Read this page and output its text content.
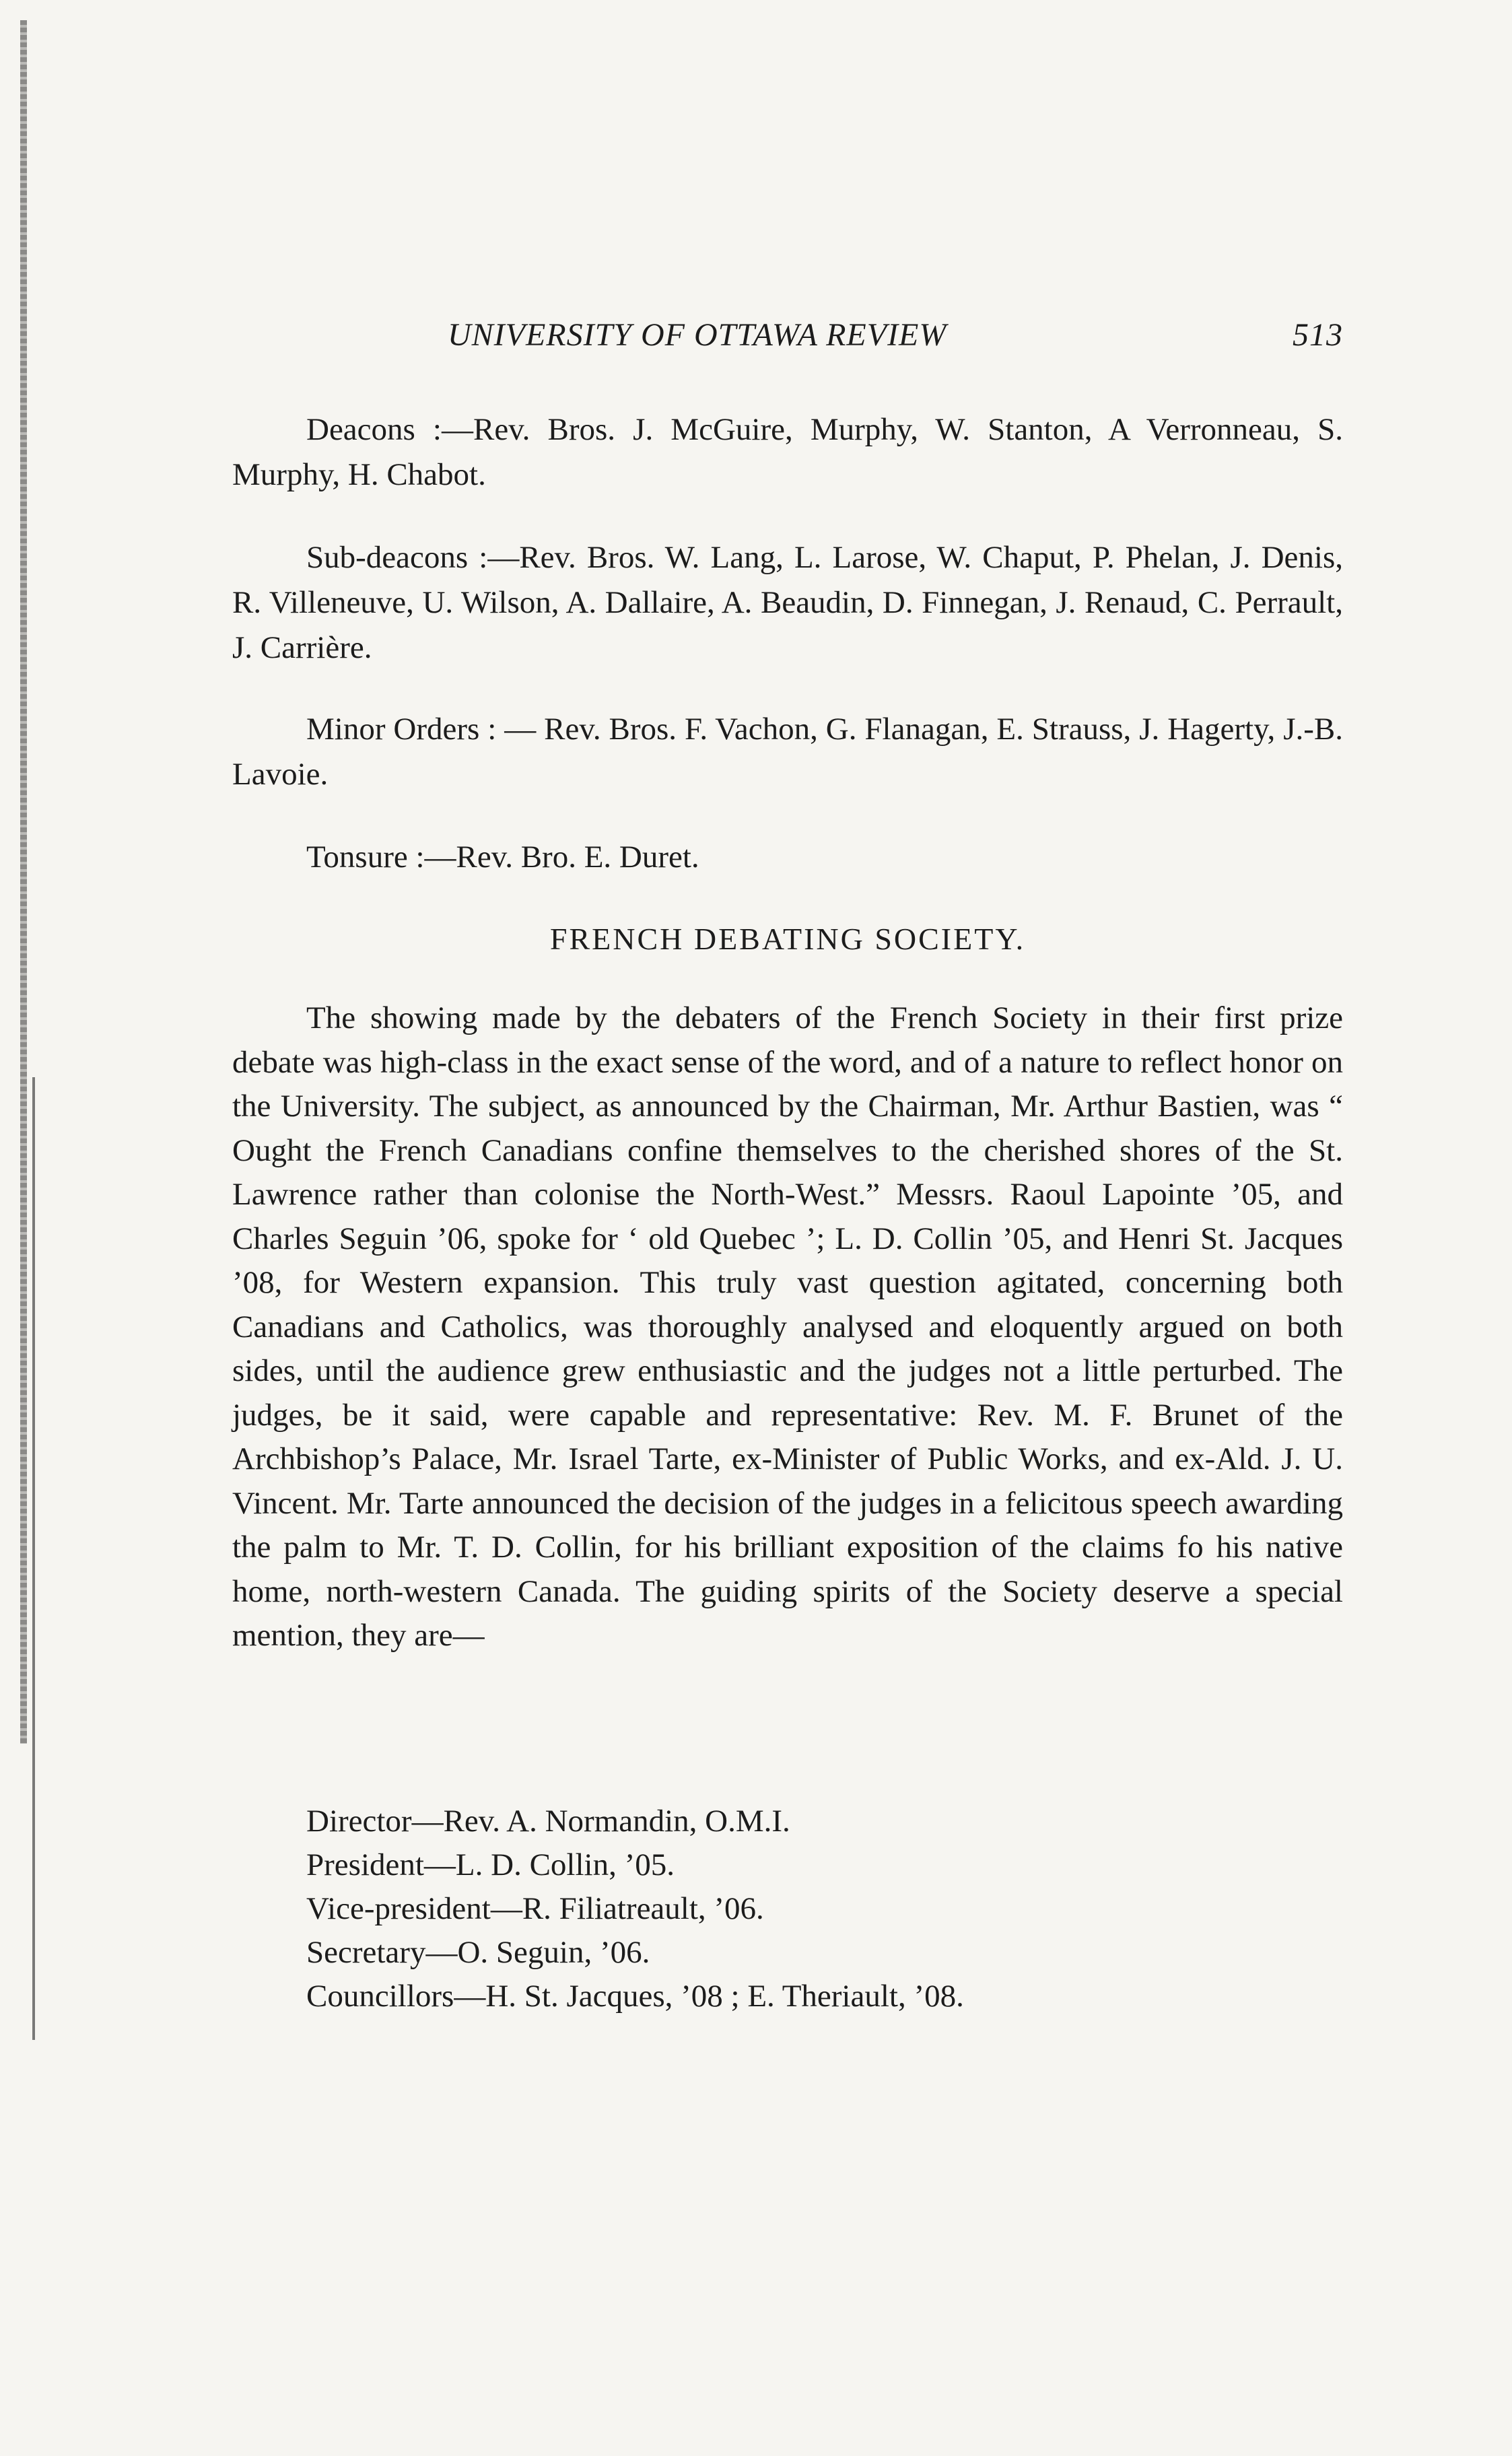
UNIVERSITY OF OTTAWA REVIEW	513

Deacons :—Rev. Bros. J. McGuire, Murphy, W. Stanton, A Verronneau, S. Murphy, H. Chabot.

Sub-deacons :—Rev. Bros. W. Lang, L. Larose, W. Chaput, P. Phelan, J. Denis, R. Villeneuve, U. Wilson, A. Dallaire, A. Beaudin, D. Finnegan, J. Renaud, C. Perrault, J. Carrière.

Minor Orders : — Rev. Bros. F. Vachon, G. Flanagan, E. Strauss, J. Hagerty, J.-B. Lavoie.

Tonsure :—Rev. Bro. E. Duret.

FRENCH DEBATING SOCIETY.

The showing made by the debaters of the French Society in their first prize debate was high-class in the exact sense of the word, and of a nature to reflect honor on the University. The subject, as announced by the Chairman, Mr. Arthur Bastien, was “ Ought the French Canadians confine themselves to the cherished shores of the St. Lawrence rather than colonise the North-West.” Messrs. Raoul Lapointe ’05, and Charles Seguin ’06, spoke for ‘ old Quebec ’; L. D. Collin ’05, and Henri St. Jacques ’08, for Western expansion. This truly vast question agitated, concerning both Canadians and Catholics, was thoroughly analysed and eloquently argued on both sides, until the audience grew enthusiastic and the judges not a little perturbed. The judges, be it said, were capable and representative: Rev. M. F. Brunet of the Archbishop’s Palace, Mr. Israel Tarte, ex-Minister of Public Works, and ex-Ald. J. U. Vincent. Mr. Tarte announced the decision of the judges in a felicitous speech awarding the palm to Mr. T. D. Collin, for his brilliant exposition of the claims fo his native home, north-western Canada. The guiding spirits of the Society deserve a special mention, they are—

Director—Rev. A. Normandin, O.M.I.
President—L. D. Collin, ’05.
Vice-president—R. Filiatreault, ’06.
Secretary—O. Seguin, ’06.
Councillors—H. St. Jacques, ’08 ; E. Theriault, ’08.
